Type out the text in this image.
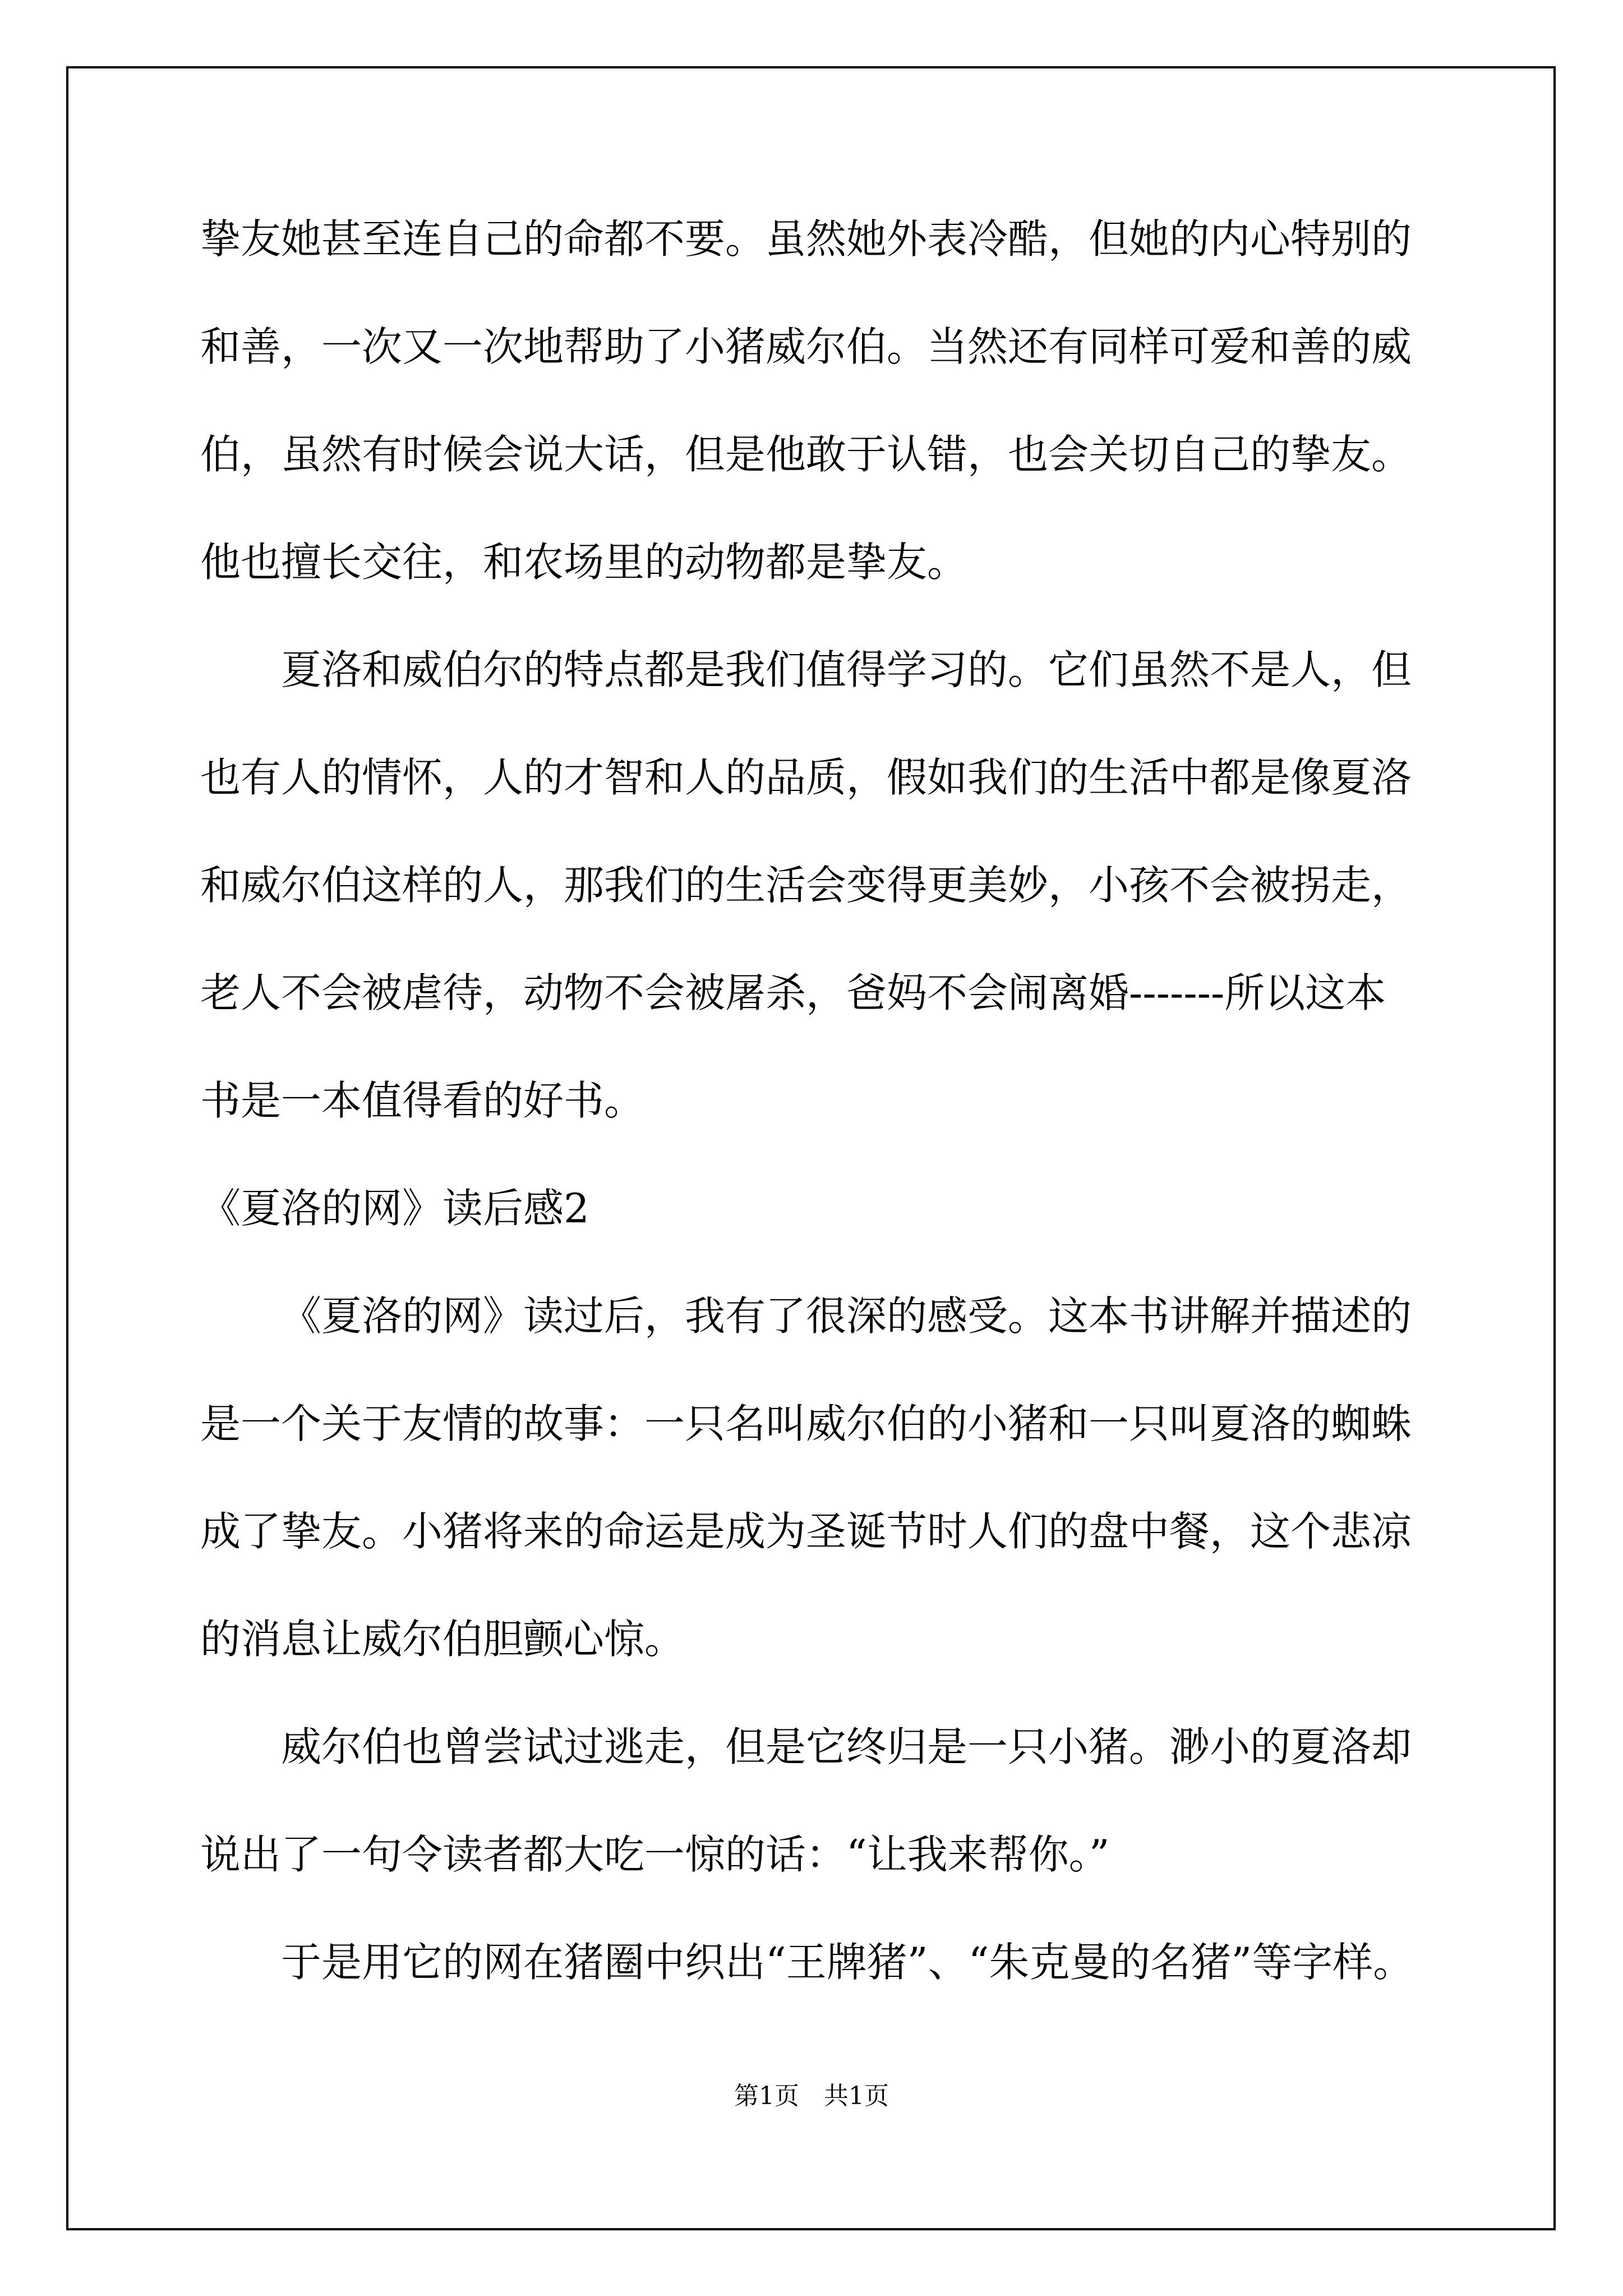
挚友她甚至连自己的命都不要。虽然她外表冷酷，但她的内心特别的
和善，一次又一次地帮助了小猪威尔伯。当然还有同样可爱和善的威
伯，虽然有时候会说大话，但是他敢于认错，也会关切自己的挚友。
他也擅长交往，和农场里的动物都是挚友。
夏洛和威伯尔的特点都是我们值得学习的。它们虽然不是人，但
也有人的情怀，人的才智和人的品质，假如我们的生活中都是像夏洛
和威尔伯这样的人，那我们的生活会变得更美妙，小孩不会被拐走，
老人不会被虐待，动物不会被屠杀，爸妈不会闹离婚-------所以这本
书是一本值得看的好书。
《夏洛的网》读后感2
《夏洛的网》读过后，我有了很深的感受。这本书讲解并描述的
是一个关于友情的故事：一只名叫威尔伯的小猪和一只叫夏洛的蜘蛛
成了挚友。小猪将来的命运是成为圣诞节时人们的盘中餐，这个悲凉
的消息让威尔伯胆颤心惊。
威尔伯也曾尝试过逃走，但是它终归是一只小猪。渺小的夏洛却
说出了一句令读者都大吃一惊的话：“让我来帮你。”
于是用它的网在猪圈中织出“王牌猪”、“朱克曼的名猪”等字样。
第1页　共1页
